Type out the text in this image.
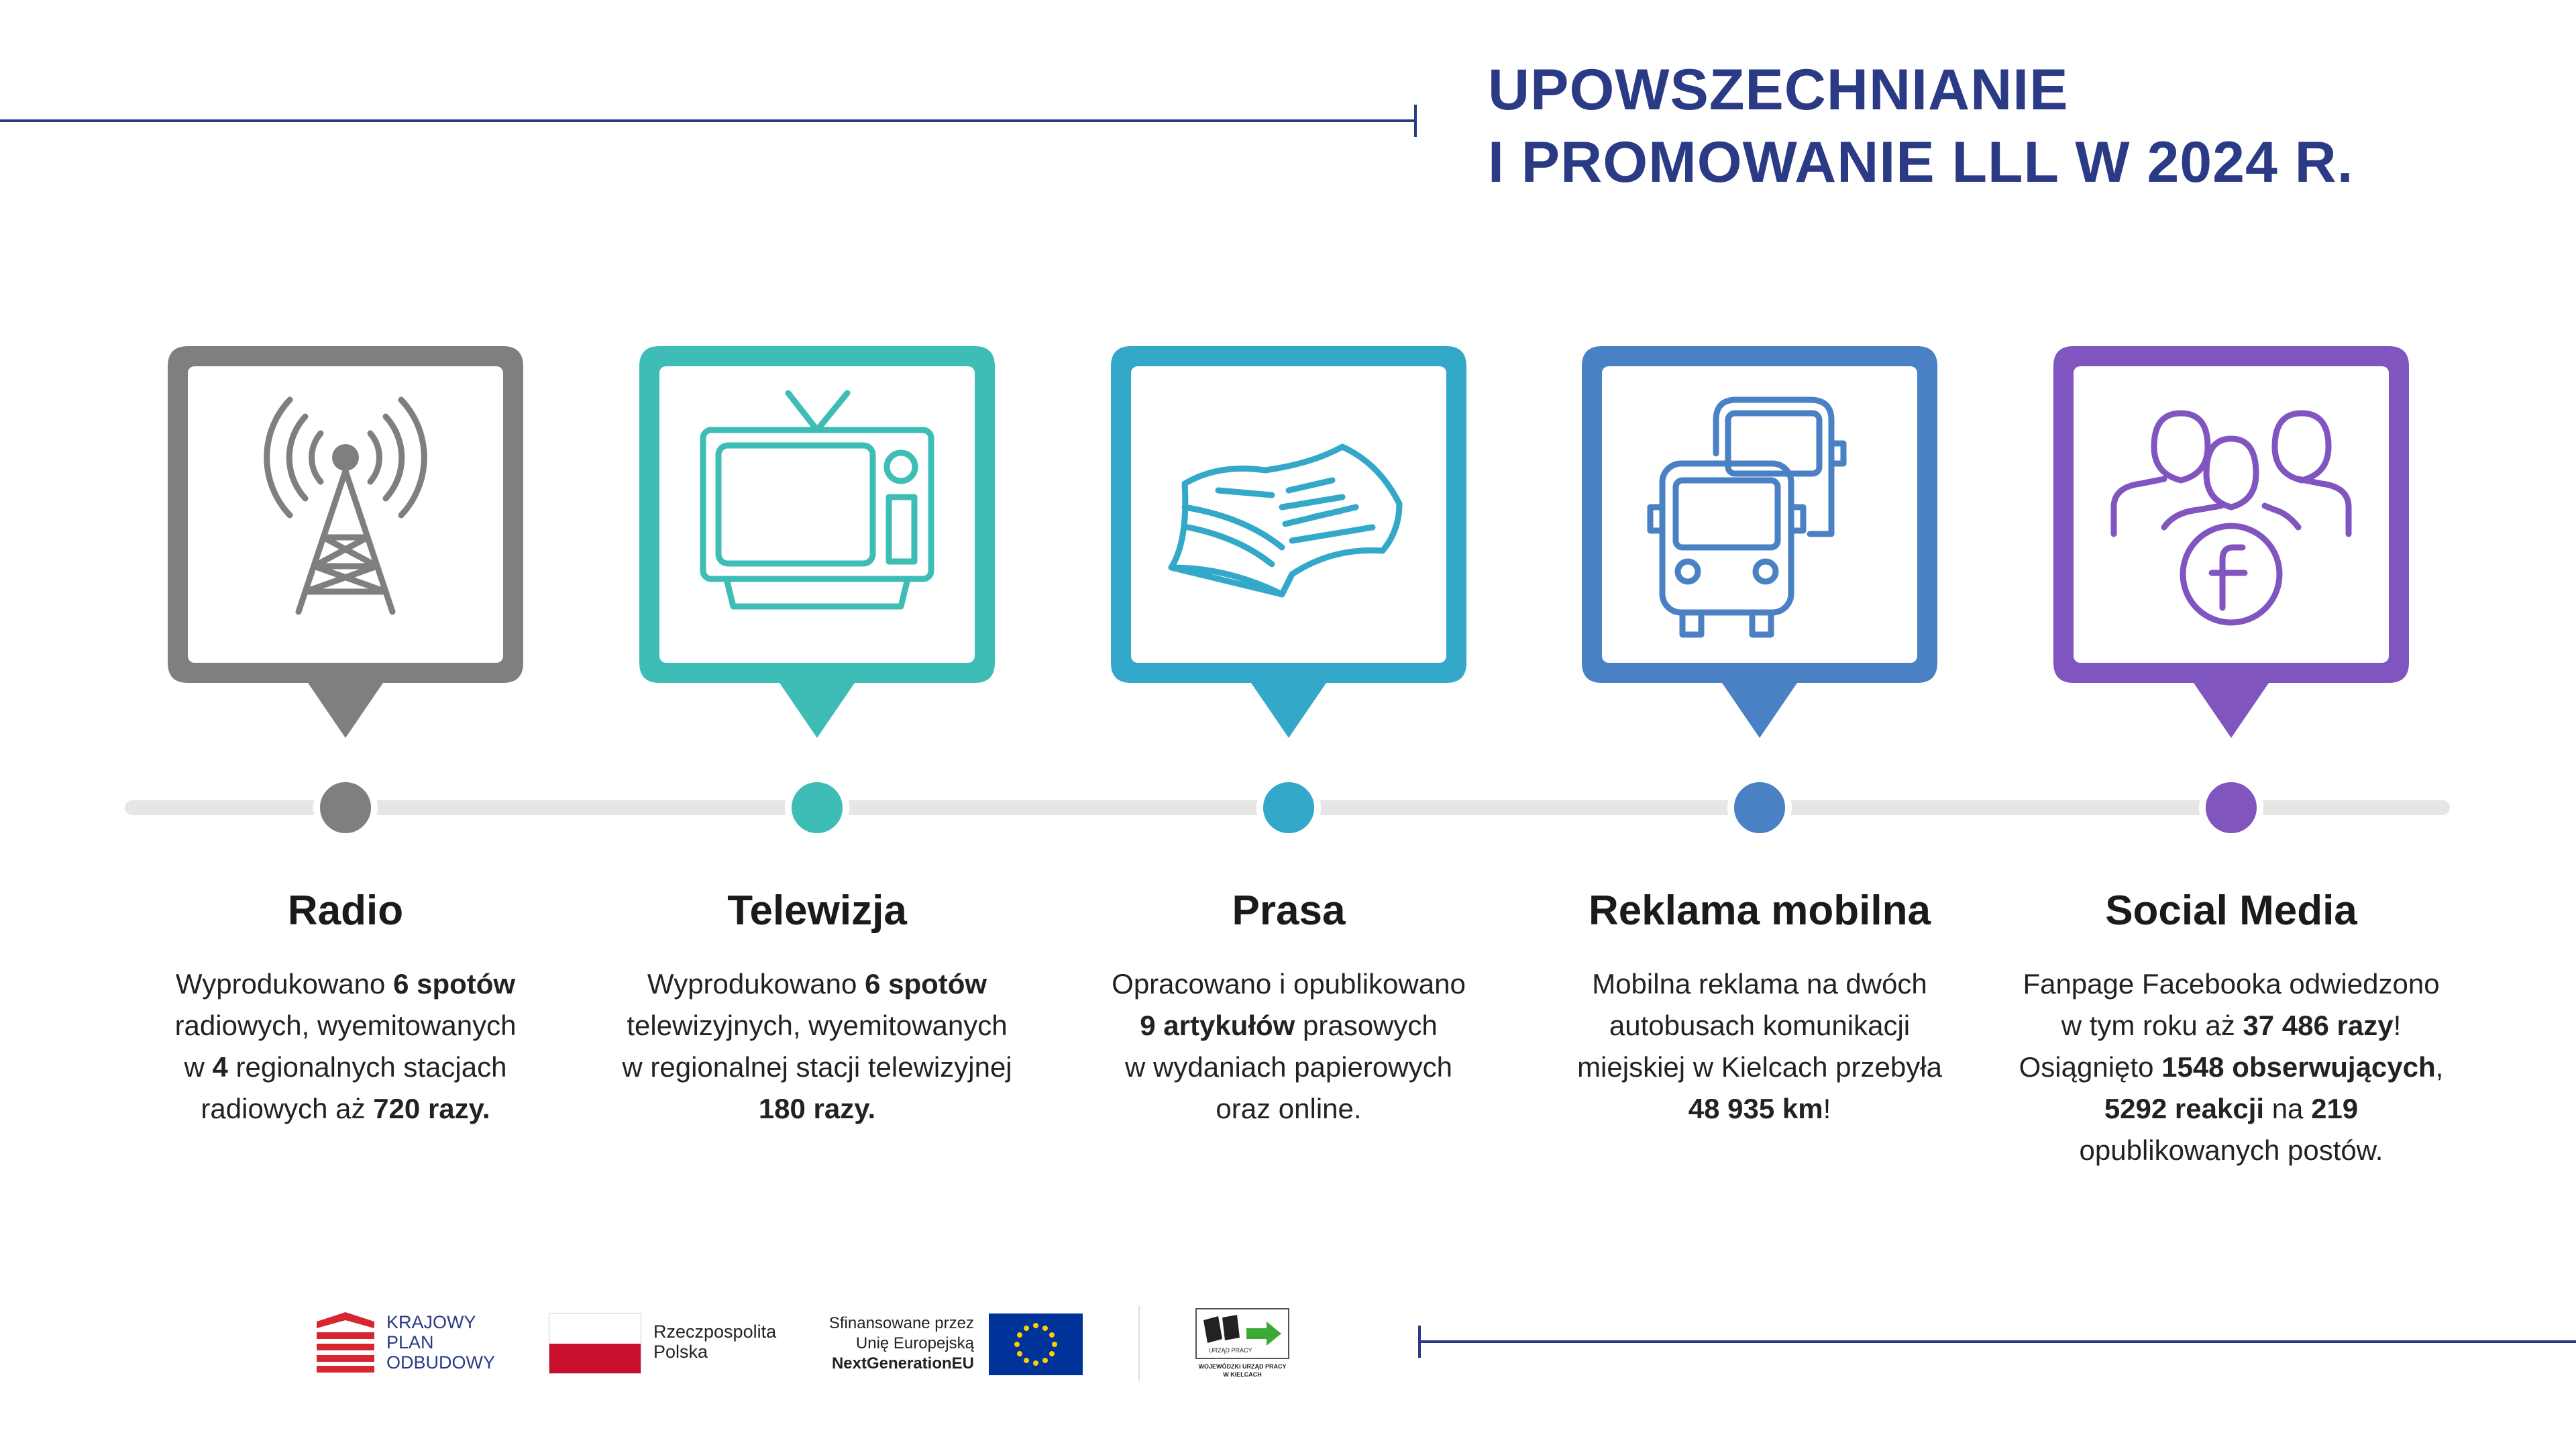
UPOWSZECHNIANIE
I PROMOWANIE LLL W 2024 R.
Radio	Telewizja	Prasa	Reklama mobilna	Social Media

Wyprodukowano 6 spotów

radiowych, wyemitowanych

w 4 regionalnych stacjach

radiowych aż 720 razy.

Wyprodukowano 6 spotów

telewizyjnych, wyemitowanych

w regionalnej stacji telewizyjnej

180 razy.

Opracowano i opublikowano

9 artykułów prasowych

w wydaniach papierowych

oraz online.

Mobilna reklama na dwóch

autobusach komunikacji

miejskiej w Kielcach przebyła

48 935 km!

Fanpage Facebooka odwiedzono

w tym roku aż 37 486 razy!

Osiągnięto 1548 obserwujących,

5292 reakcji na 219

opublikowanych postów.

KRAJOWY
PLAN
ODBUDOWY
Rzeczpospolita
Polska
Sfinansowane przez
Unię Europejską
NextGenerationEU
URZĄD PRACY
WOJEWÓDZKI URZĄD PRACY
W KIELCACH
